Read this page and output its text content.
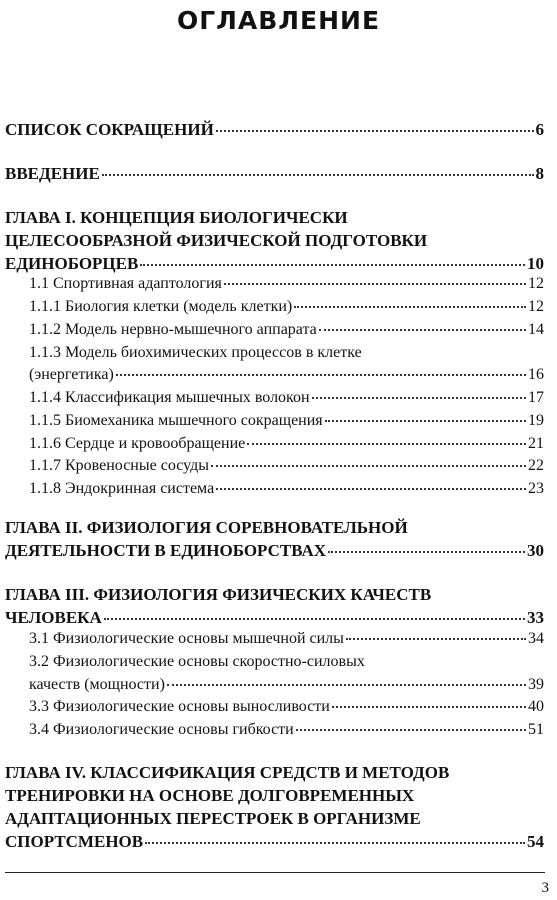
ОГЛАВЛЕНИЕ
СПИСОК СОКРАЩЕНИЙ	6
ВВЕДЕНИЕ	8
ГЛАВА I. КОНЦЕПЦИЯ БИОЛОГИЧЕСКИ
ЦЕЛЕСООБРАЗНОЙ ФИЗИЧЕСКОЙ ПОДГОТОВКИ
ЕДИНОБОРЦЕВ	10
1.1 Спортивная адаптология	12
1.1.1 Биология клетки (модель клетки)	12
1.1.2 Модель нервно-мышечного аппарата	14
1.1.3 Модель биохимических процессов в клетке
(энергетика)	16
1.1.4 Классификация мышечных волокон	17
1.1.5 Биомеханика мышечного сокращения	19
1.1.6 Сердце и кровообращение	21
1.1.7 Кровеносные сосуды	22
1.1.8 Эндокринная система	23
ГЛАВА II. ФИЗИОЛОГИЯ СОРЕВНОВАТЕЛЬНОЙ
ДЕЯТЕЛЬНОСТИ В ЕДИНОБОРСТВАХ	30
ГЛАВА III. ФИЗИОЛОГИЯ ФИЗИЧЕСКИХ КАЧЕСТВ
ЧЕЛОВЕКА	33
3.1 Физиологические основы мышечной силы	34
3.2 Физиологические основы скоростно-силовых
качеств (мощности)	39
3.3 Физиологические основы выносливости	40
3.4 Физиологические основы гибкости	51
ГЛАВА IV. КЛАССИФИКАЦИЯ СРЕДСТВ И МЕТОДОВ
ТРЕНИРОВКИ НА ОСНОВЕ ДОЛГОВРЕМЕННЫХ
АДАПТАЦИОННЫХ ПЕРЕСТРОЕК В ОРГАНИЗМЕ
СПОРТСМЕНОВ	54
3
